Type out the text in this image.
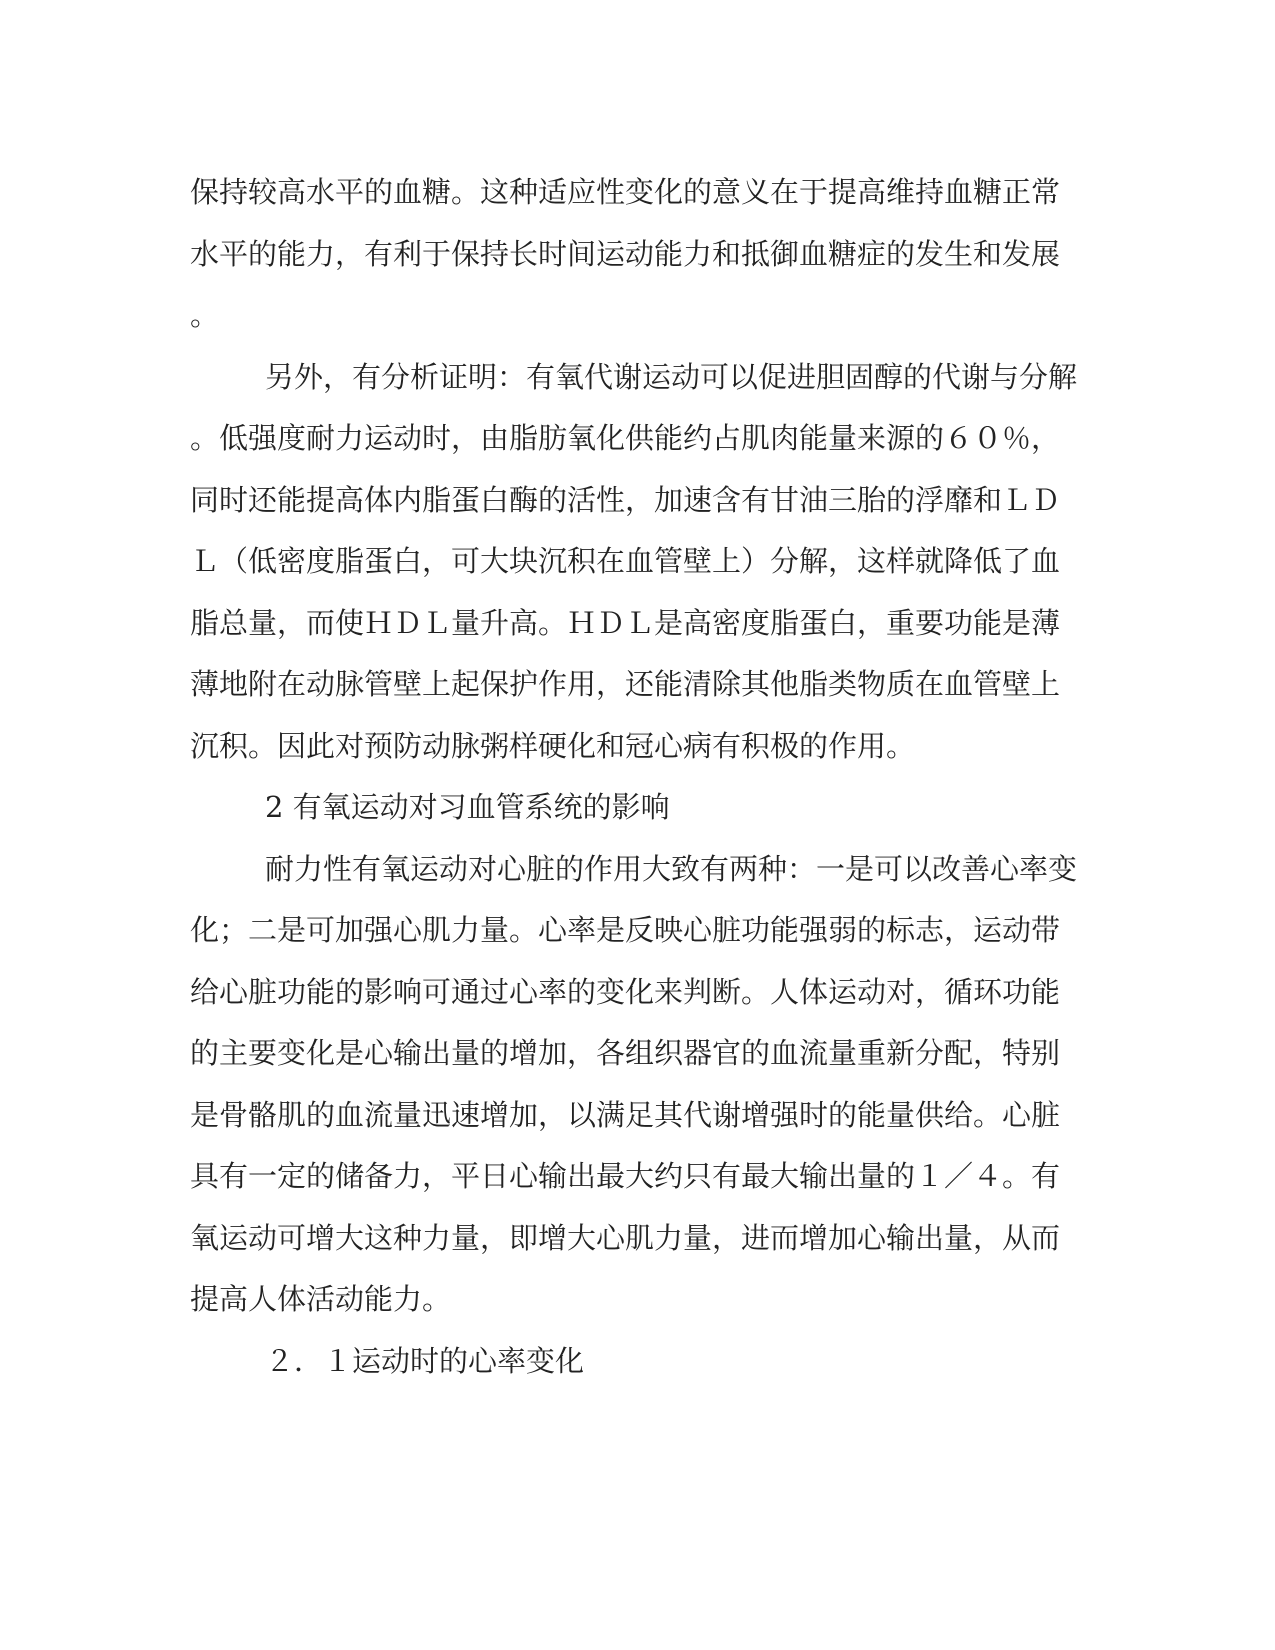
保持较高水平的血糖。这种适应性变化的意义在于提高维持血糖正常
水平的能力，有利于保持长时间运动能力和抵御血糖症的发生和发展
。
另外，有分析证明：有氧代谢运动可以促进胆固醇的代谢与分解
。低强度耐力运动时，由脂肪氧化供能约占肌肉能量来源的６０％，
同时还能提高体内脂蛋白酶的活性，加速含有甘油三胎的浮靡和ＬＤ
Ｌ（低密度脂蛋白，可大块沉积在血管壁上）分解，这样就降低了血
脂总量，而使ＨＤＬ量升高。ＨＤＬ是高密度脂蛋白，重要功能是薄
薄地附在动脉管壁上起保护作用，还能清除其他脂类物质在血管壁上
沉积。因此对预防动脉粥样硬化和冠心病有积极的作用。
2 有氧运动对习血管系统的影响
耐力性有氧运动对心脏的作用大致有两种：一是可以改善心率变
化；二是可加强心肌力量。心率是反映心脏功能强弱的标志，运动带
给心脏功能的影响可通过心率的变化来判断。人体运动对，循环功能
的主要变化是心输出量的增加，各组织器官的血流量重新分配，特别
是骨骼肌的血流量迅速增加，以满足其代谢增强时的能量供给。心脏
具有一定的储备力，平日心输出最大约只有最大输出量的１／４。有
氧运动可增大这种力量，即增大心肌力量，进而增加心输出量，从而
提高人体活动能力。
２．１运动时的心率变化
